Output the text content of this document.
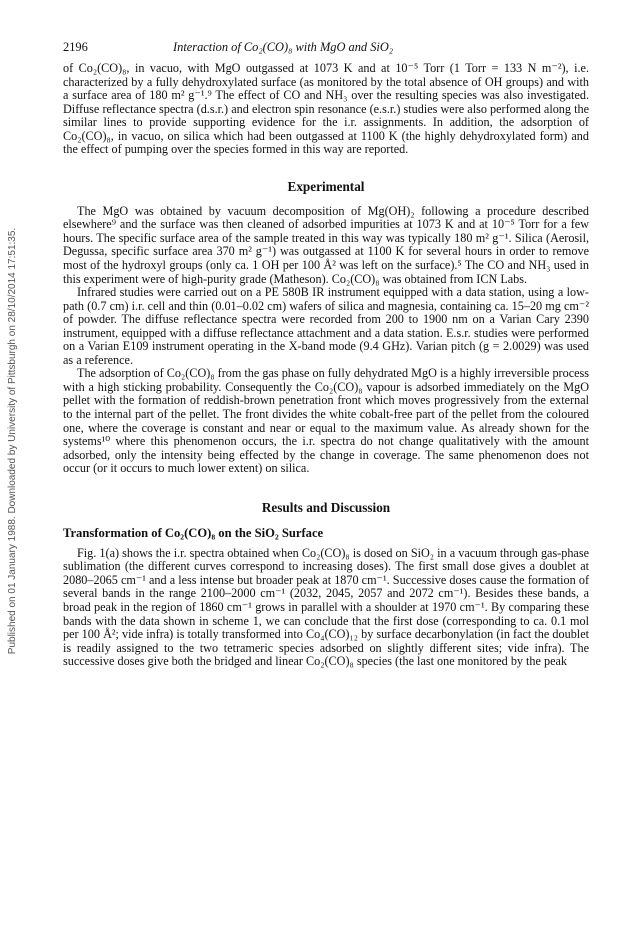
Published on 01 January 1988. Downloaded by University of Pittsburgh on 28/10/2014 17:51:35.
2196	Interaction of Co₂(CO)₈ with MgO and SiO₂

of Co₂(CO)₈, in vacuo, with MgO outgassed at 1073 K and at 10⁻⁵ Torr (1 Torr = 133 N m⁻²), i.e. characterized by a fully dehydroxylated surface (as monitored by the total absence of OH groups) and with a surface area of 180 m² g⁻¹.⁹ The effect of CO and NH₃ over the resulting species was also investigated. Diffuse reflectance spectra (d.s.r.) and electron spin resonance (e.s.r.) studies were also performed along the similar lines to provide supporting evidence for the i.r. assignments. In addition, the adsorption of Co₂(CO)₈, in vacuo, on silica which had been outgassed at 1100 K (the highly dehydroxylated form) and the effect of pumping over the species formed in this way are reported.

Experimental

The MgO was obtained by vacuum decomposition of Mg(OH)₂ following a procedure described elsewhere⁹ and the surface was then cleaned of adsorbed impurities at 1073 K and at 10⁻⁵ Torr for a few hours. The specific surface area of the sample treated in this way was typically 180 m² g⁻¹. Silica (Aerosil, Degussa, specific surface area 370 m² g⁻¹) was outgassed at 1100 K for several hours in order to remove most of the hydroxyl groups (only ca. 1 OH per 100 Å² was left on the surface).⁵ The CO and NH₃ used in this experiment were of high-purity grade (Matheson). Co₂(CO)₈ was obtained from ICN Labs.

Infrared studies were carried out on a PE 580B IR instrument equipped with a data station, using a low-path (0.7 cm) i.r. cell and thin (0.01–0.02 cm) wafers of silica and magnesia, containing ca. 15–20 mg cm⁻² of powder. The diffuse reflectance spectra were recorded from 200 to 1900 nm on a Varian Cary 2390 instrument, equipped with a diffuse reflectance attachment and a data station. E.s.r. studies were performed on a Varian E109 instrument operating in the X-band mode (9.4 GHz). Varian pitch (g = 2.0029) was used as a reference.

The adsorption of Co₂(CO)₈ from the gas phase on fully dehydrated MgO is a highly irreversible process with a high sticking probability. Consequently the Co₂(CO)₈ vapour is adsorbed immediately on the MgO pellet with the formation of reddish-brown penetration front which moves progressively from the external to the internal part of the pellet. The front divides the white cobalt-free part of the pellet from the coloured one, where the coverage is constant and near or equal to the maximum value. As already shown for the systems¹⁰ where this phenomenon occurs, the i.r. spectra do not change qualitatively with the amount adsorbed, only the intensity being effected by the change in coverage. The same phenomenon does not occur (or it occurs to much lower extent) on silica.

Results and Discussion
Transformation of Co₂(CO)₈ on the SiO₂ Surface

Fig. 1(a) shows the i.r. spectra obtained when Co₂(CO)₈ is dosed on SiO₂ in a vacuum through gas-phase sublimation (the different curves correspond to increasing doses). The first small dose gives a doublet at 2080–2065 cm⁻¹ and a less intense but broader peak at 1870 cm⁻¹. Successive doses cause the formation of several bands in the range 2100–2000 cm⁻¹ (2032, 2045, 2057 and 2072 cm⁻¹). Besides these bands, a broad peak in the region of 1860 cm⁻¹ grows in parallel with a shoulder at 1970 cm⁻¹. By comparing these bands with the data shown in scheme 1, we can conclude that the first dose (corresponding to ca. 0.1 mol per 100 Å²; vide infra) is totally transformed into Co₄(CO)₁₂ by surface decarbonylation (in fact the doublet is readily assigned to the two tetrameric species adsorbed on slightly different sites; vide infra). The successive doses give both the bridged and linear Co₂(CO)₈ species (the last one monitored by the peak
